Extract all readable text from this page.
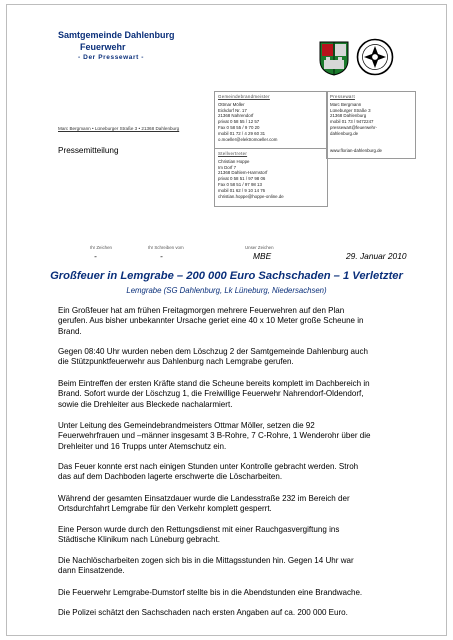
Samtgemeinde Dahlenburg
Feuerwehr
- Der Pressewart -
Marc Bergmann • Lüneburger Straße 3 • 21368 Dahlenburg
Pressemitteilung
Gemeindebrandmeister
Ottmar Möller
Eickdorf Nr. 17
21368 Nahrendorf
privat 0 58 55 / 12 57
Fax 0 58 55 / 9 70 20
mobil 01 72 / 4 29 60 31
o.moeller@elektromoeller.com
Pressewart
Marc Bergmann
Lüneburger Straße 3
21368 Dahlenburg
mobil 01 73 / 9472247
pressewart@feuerwehr-
dahlenburg.de
www.florian-dahlenburg.de
Stellvertreter
Christian Hoppe
Im Dorf 7
21368 Dahlem-Harmstorf
privat 0 58 51 / 97 98 06
Fax 0 58 51 / 97 98 13
mobil 01 62 / 9 10 14 76
christian.hoppe@hoppe-online.de
Ihr Zeichen	Ihr Schreiben vom	Unser Zeichen
-	-	MBE	29. Januar 2010
Großfeuer in Lemgrabe – 200 000 Euro Sachschaden – 1 Verletzter
Lemgrabe (SG Dahlenburg, Lk Lüneburg, Niedersachsen)
Ein Großfeuer hat am frühen Freitagmorgen mehrere Feuerwehren auf den Plan
gerufen. Aus bisher unbekannter Ursache geriet eine 40 x 10 Meter große Scheune in
Brand.
Gegen 08:40 Uhr wurden neben dem Löschzug 2 der Samtgemeinde Dahlenburg auch
die Stützpunktfeuerwehr aus Dahlenburg nach Lemgrabe gerufen.
Beim Eintreffen der ersten Kräfte stand die Scheune bereits komplett im Dachbereich in
Brand. Sofort wurde der Löschzug 1, die Freiwillige Feuerwehr Nahrendorf-Oldendorf,
sowie die Drehleiter aus Bleckede nachalarmiert.
Unter Leitung des Gemeindebrandmeisters Ottmar Möller, setzen die 92
Feuerwehrfrauen und –männer insgesamt 3 B-Rohre, 7 C-Rohre, 1 Wenderohr über die
Drehleiter und 16 Trupps unter Atemschutz ein.
Das Feuer konnte erst nach einigen Stunden unter Kontrolle gebracht werden. Stroh
das auf dem Dachboden lagerte erschwerte die Löscharbeiten.
Während der gesamten Einsatzdauer wurde die Landesstraße 232 im Bereich der
Ortsdurchfahrt Lemgrabe für den Verkehr komplett gesperrt.
Eine Person wurde durch den Rettungsdienst mit einer Rauchgasvergiftung ins
Städtische Klinikum nach Lüneburg gebracht.
Die Nachlöscharbeiten zogen sich bis in die Mittagsstunden hin. Gegen 14 Uhr war
dann Einsatzende.
Die Feuerwehr Lemgrabe-Dumstorf stellte bis in die Abendstunden eine Brandwache.
Die Polizei schätzt den Sachschaden nach ersten Angaben auf ca. 200 000 Euro.
